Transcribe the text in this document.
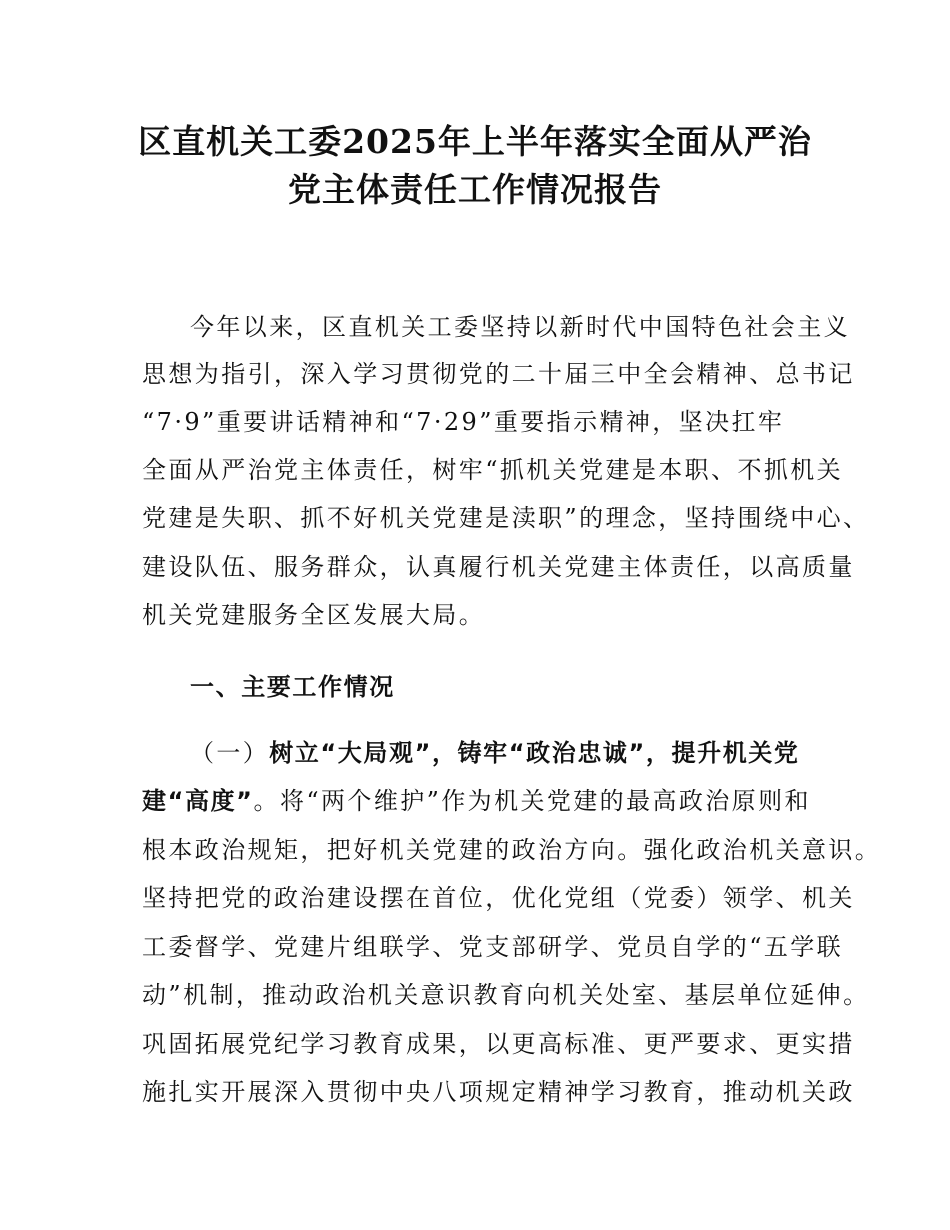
区直机关工委2025年上半年落实全面从严治
党主体责任工作情况报告

今年以来，区直机关工委坚持以新时代中国特色社会主义

思想为指引，深入学习贯彻党的二十届三中全会精神、总书记

“7·9”重要讲话精神和“7·29”重要指示精神，坚决扛牢

全面从严治党主体责任，树牢“抓机关党建是本职、不抓机关

党建是失职、抓不好机关党建是渎职”的理念，坚持围绕中心、

建设队伍、服务群众，认真履行机关党建主体责任，以高质量

机关党建服务全区发展大局。

一、主要工作情况

（一）树立“大局观”，铸牢“政治忠诚”，提升机关党

建“高度”。将“两个维护”作为机关党建的最高政治原则和

根本政治规矩，把好机关党建的政治方向。强化政治机关意识。

坚持把党的政治建设摆在首位，优化党组（党委）领学、机关

工委督学、党建片组联学、党支部研学、党员自学的“五学联

动”机制，推动政治机关意识教育向机关处室、基层单位延伸。

巩固拓展党纪学习教育成果，以更高标准、更严要求、更实措

施扎实开展深入贯彻中央八项规定精神学习教育，推动机关政
